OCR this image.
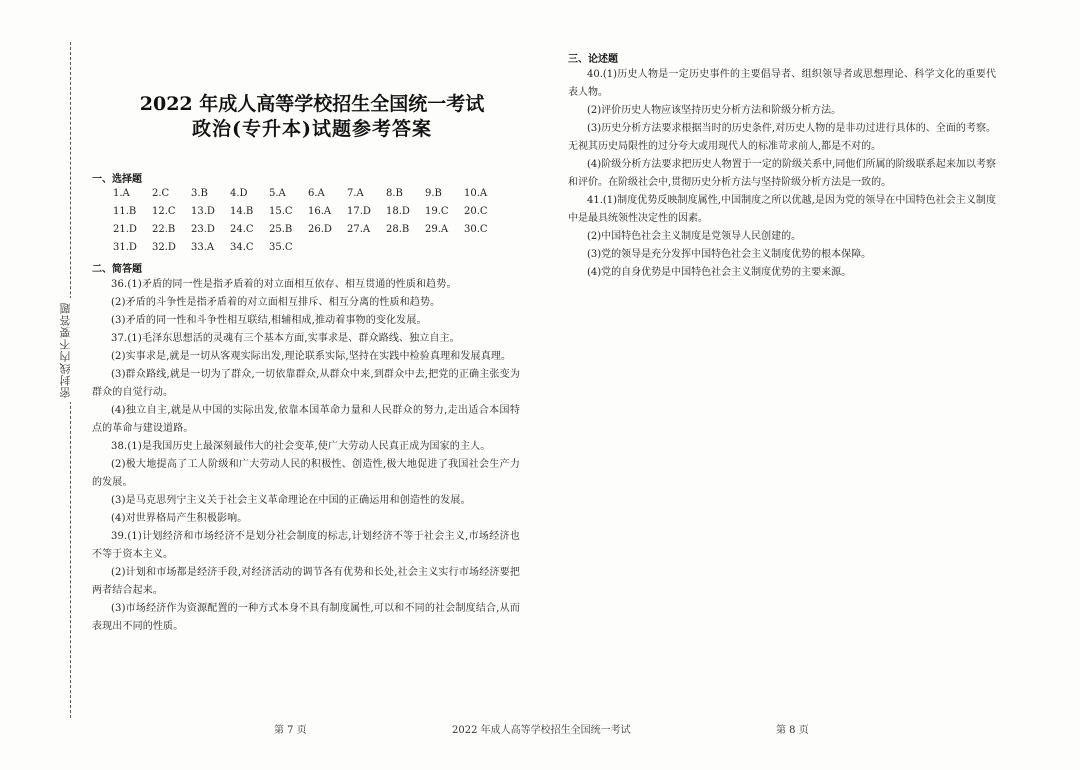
密封线内不要答题
2022 年成人高等学校招生全国统一考试
政治(专升本)试题参考答案
一、选择题
1.A	2.C	3.B	4.D	5.A	6.A	7.A	8.B	9.B	10.A
11.B	12.C	13.D	14.B	15.C	16.A	17.D	18.D	19.C	20.C
21.D	22.B	23.D	24.C	25.B	26.D	27.A	28.B	29.A	30.C
31.D	32.D	33.A	34.C	35.C
二、简答题

36.(1)矛盾的同一性是指矛盾着的对立面相互依存、相互贯通的性质和趋势。

(2)矛盾的斗争性是指矛盾着的对立面相互排斥、相互分离的性质和趋势。

(3)矛盾的同一性和斗争性相互联结,相辅相成,推动着事物的变化发展。

37.(1)毛泽东思想活的灵魂有三个基本方面,实事求是、群众路线、独立自主。

(2)实事求是,就是一切从客观实际出发,理论联系实际,坚持在实践中检验真理和发展真理。

(3)群众路线,就是一切为了群众,一切依靠群众,从群众中来,到群众中去,把党的正确主张变为群众的自觉行动。

(4)独立自主,就是从中国的实际出发,依靠本国革命力量和人民群众的努力,走出适合本国特点的革命与建设道路。

38.(1)是我国历史上最深刻最伟大的社会变革,使广大劳动人民真正成为国家的主人。

(2)极大地提高了工人阶级和广大劳动人民的积极性、创造性,极大地促进了我国社会生产力的发展。

(3)是马克思列宁主义关于社会主义革命理论在中国的正确运用和创造性的发展。

(4)对世界格局产生积极影响。

39.(1)计划经济和市场经济不是划分社会制度的标志,计划经济不等于社会主义,市场经济也不等于资本主义。

(2)计划和市场都是经济手段,对经济活动的调节各有优势和长处,社会主义实行市场经济要把两者结合起来。

(3)市场经济作为资源配置的一种方式本身不具有制度属性,可以和不同的社会制度结合,从而表现出不同的性质。

三、论述题

40.(1)历史人物是一定历史事件的主要倡导者、组织领导者或思想理论、科学文化的重要代表人物。

(2)评价历史人物应该坚持历史分析方法和阶级分析方法。

(3)历史分析方法要求根据当时的历史条件,对历史人物的是非功过进行具体的、全面的考察。无视其历史局限性的过分夸大或用现代人的标准苛求前人,都是不对的。

(4)阶级分析方法要求把历史人物置于一定的阶级关系中,同他们所属的阶级联系起来加以考察和评价。在阶级社会中,贯彻历史分析方法与坚持阶级分析方法是一致的。

41.(1)制度优势反映制度属性,中国制度之所以优越,是因为党的领导在中国特色社会主义制度中是最具统领性决定性的因素。

(2)中国特色社会主义制度是党领导人民创建的。

(3)党的领导是充分发挥中国特色社会主义制度优势的根本保障。

(4)党的自身优势是中国特色社会主义制度优势的主要来源。

第 7 页	2022 年成人高等学校招生全国统一考试	第 8 页
